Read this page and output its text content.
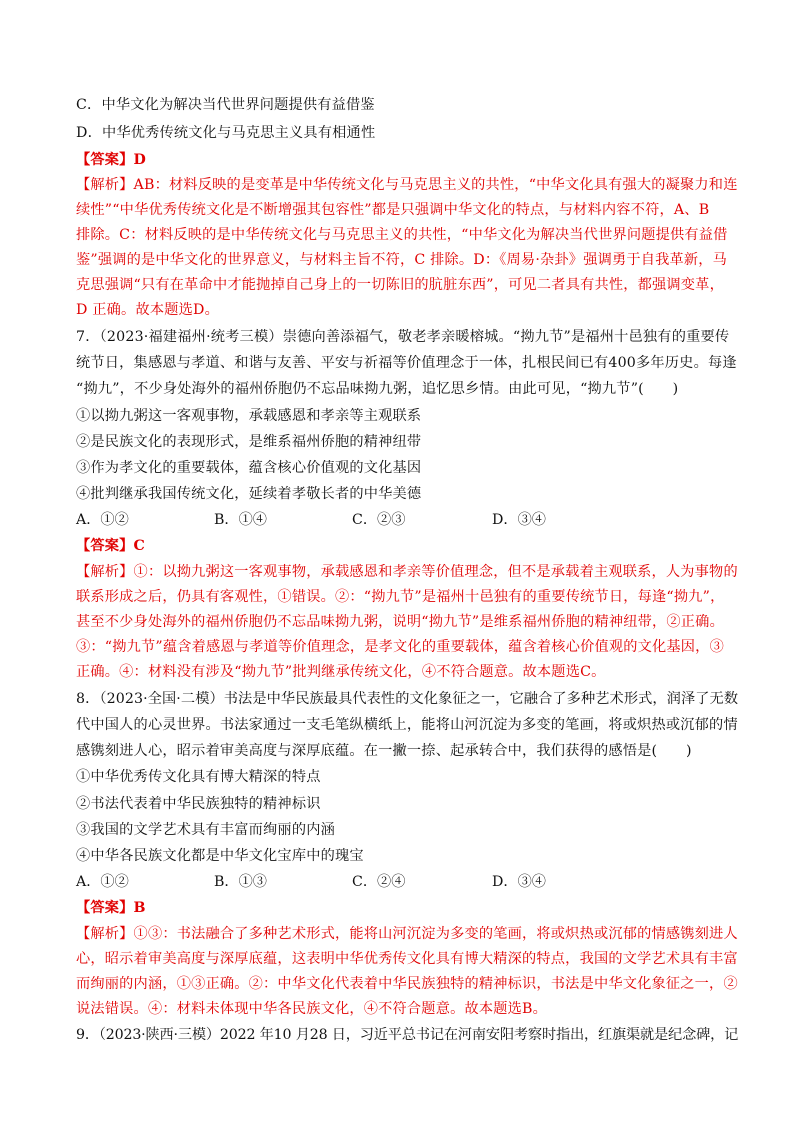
C．中华文化为解决当代世界问题提供有益借鉴
D．中华优秀传统文化与马克思主义具有相通性
【答案】D
【解析】AB：材料反映的是变革是中华传统文化与马克思主义的共性，“中华文化具有强大的凝聚力和连
续性”“中华优秀传统文化是不断增强其包容性”都是只强调中华文化的特点，与材料内容不符，A、B
排除。C：材料反映的是中华传统文化与马克思主义的共性，“中华文化为解决当代世界问题提供有益借
鉴”强调的是中华文化的世界意义，与材料主旨不符，C 排除。D：《周易·杂卦》强调勇于自我革新，马
克思强调“只有在革命中才能抛掉自己身上的一切陈旧的肮脏东西”，可见二者具有共性，都强调变革，
D 正确。故本题选D。
7．（2023·福建福州·统考三模）崇德向善添福气，敬老孝亲暖榕城。“拗九节”是福州十邑独有的重要传
统节日，集感恩与孝道、和谐与友善、平安与祈福等价值理念于一体，扎根民间已有400多年历史。每逢
“拗九”，不少身处海外的福州侨胞仍不忘品味拗九粥，追忆思乡情。由此可见，“拗九节”(　　)
①以拗九粥这一客观事物，承载感恩和孝亲等主观联系
②是民族文化的表现形式，是维系福州侨胞的精神纽带
③作为孝文化的重要载体，蕴含核心价值观的文化基因
④批判继承我国传统文化，延续着孝敬长者的中华美德
A．①②	B．①④	C．②③	D．③④
【答案】C
【解析】①：以拗九粥这一客观事物，承载感恩和孝亲等价值理念，但不是承载着主观联系，人为事物的
联系形成之后，仍具有客观性，①错误。②：“拗九节”是福州十邑独有的重要传统节日，每逢“拗九”，
甚至不少身处海外的福州侨胞仍不忘品味拗九粥，说明“拗九节”是维系福州侨胞的精神纽带，②正确。
③：“拗九节”蕴含着感恩与孝道等价值理念，是孝文化的重要载体，蕴含着核心价值观的文化基因，③
正确。④：材料没有涉及“拗九节”批判继承传统文化，④不符合题意。故本题选C。
8．（2023·全国·二模）书法是中华民族最具代表性的文化象征之一，它融合了多种艺术形式，润泽了无数
代中国人的心灵世界。书法家通过一支毛笔纵横纸上，能将山河沉淀为多变的笔画，将或炽热或沉郁的情
感镌刻进人心，昭示着审美高度与深厚底蕴。在一撇一捺、起承转合中，我们获得的感悟是(　　)
①中华优秀传文化具有博大精深的特点
②书法代表着中华民族独特的精神标识
③我国的文学艺术具有丰富而绚丽的内涵
④中华各民族文化都是中华文化宝库中的瑰宝
A．①②	B．①③	C．②④	D．③④
【答案】B
【解析】①③：书法融合了多种艺术形式，能将山河沉淀为多变的笔画，将或炽热或沉郁的情感镌刻进人
心，昭示着审美高度与深厚底蕴，这表明中华优秀传文化具有博大精深的特点，我国的文学艺术具有丰富
而绚丽的内涵，①③正确。②：中华文化代表着中华民族独特的精神标识，书法是中华文化象征之一，②
说法错误。④：材料未体现中华各民族文化，④不符合题意。故本题选B。
9．（2023·陕西·三模）2022 年10 月28 日，习近平总书记在河南安阳考察时指出，红旗渠就是纪念碑，记
